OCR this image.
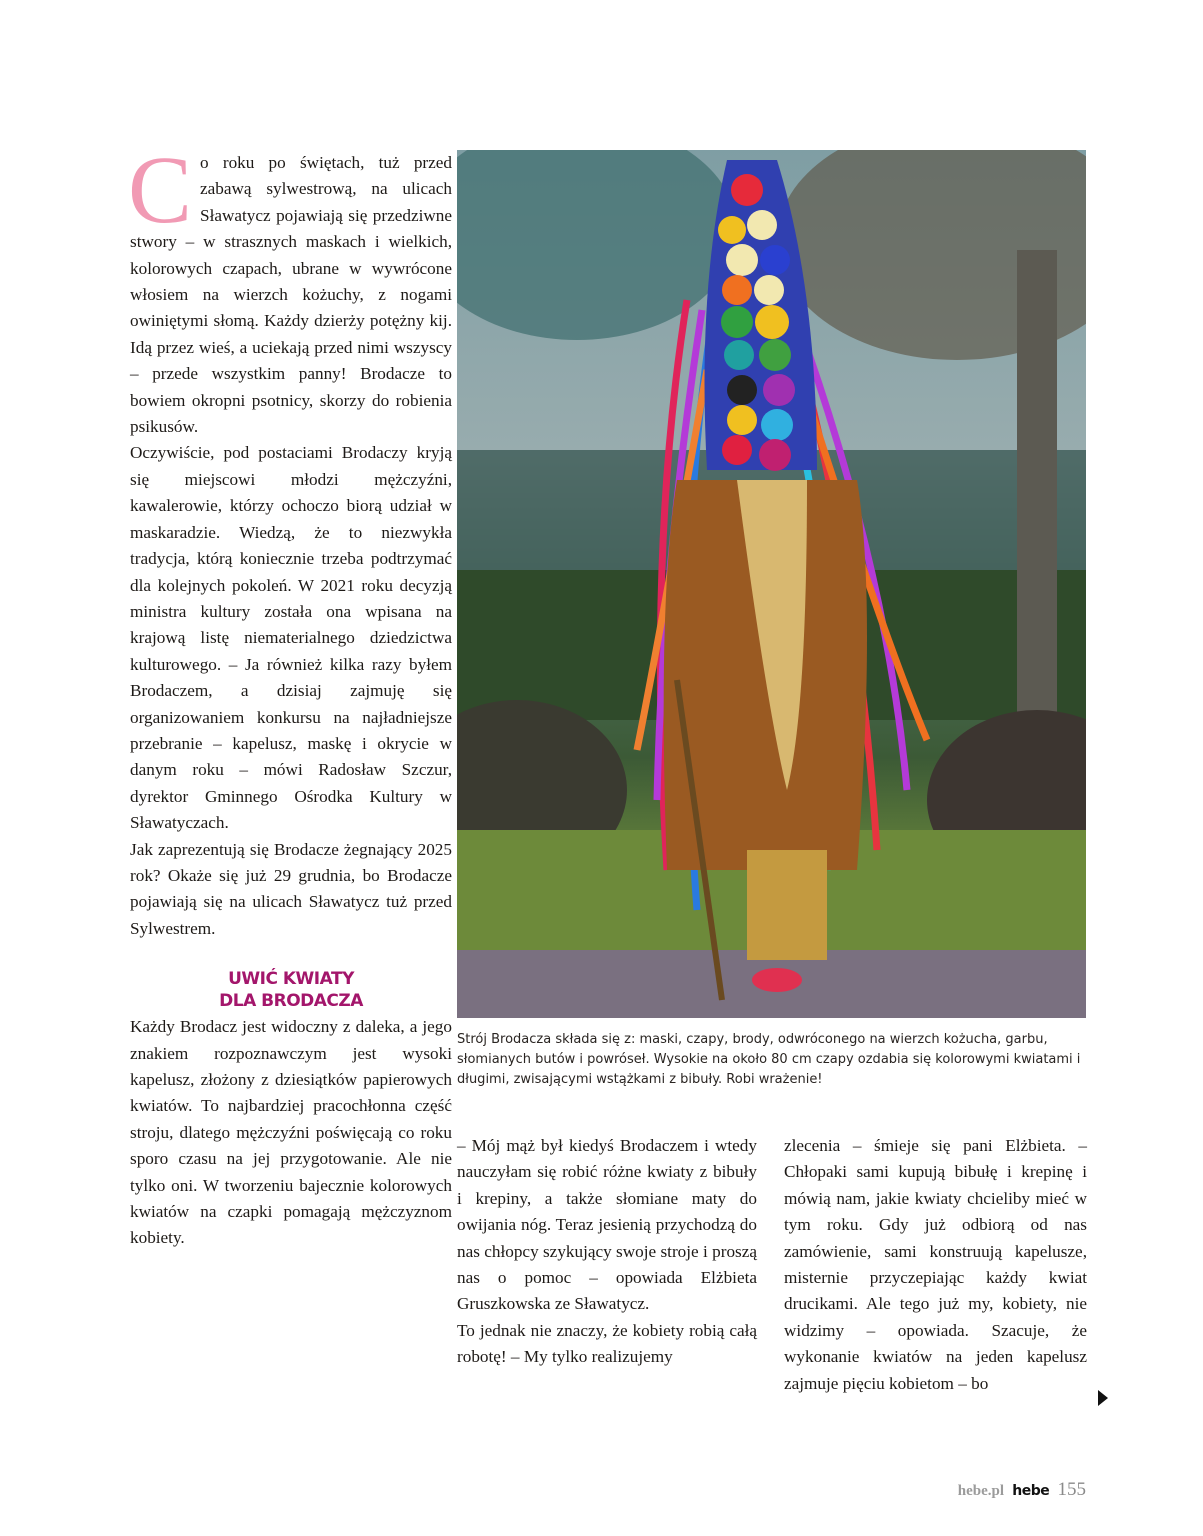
Co roku po świętach, tuż przed zabawą sylwestrową, na ulicach Sławatycz pojawiają się przedziwne stwory – w strasznych maskach i wielkich, kolorowych czapach, ubrane w wywrócone włosiem na wierzch kożuchy, z nogami owiniętymi słomą. Każdy dzierży potężny kij. Idą przez wieś, a uciekają przed nimi wszyscy – przede wszystkim panny! Brodacze to bowiem okropni psotnicy, skorzy do robienia psikusów.

Oczywiście, pod postaciami Brodaczy kryją się miejscowi młodzi mężczyźni, kawalerowie, którzy ochoczo biorą udział w maskaradzie. Wiedzą, że to niezwykła tradycja, którą koniecznie trzeba podtrzymać dla kolejnych pokoleń. W 2021 roku decyzją ministra kultury została ona wpisana na krajową listę niematerialnego dziedzictwa kulturowego. – Ja również kilka razy byłem Brodaczem, a dzisiaj zajmuję się organizowaniem konkursu na najładniejsze przebranie – kapelusz, maskę i okrycie w danym roku – mówi Radosław Szczur, dyrektor Gminnego Ośrodka Kultury w Sławatyczach.

Jak zaprezentują się Brodacze żegnający 2025 rok? Okaże się już 29 grudnia, bo Brodacze pojawiają się na ulicach Sławatycz tuż przed Sylwestrem.

UWIĆ KWIATY
DLA BRODACZA

Każdy Brodacz jest widoczny z daleka, a jego znakiem rozpoznawczym jest wysoki kapelusz, złożony z dziesiątków papierowych kwiatów. To najbardziej pracochłonna część stroju, dlatego mężczyźni poświęcają co roku sporo czasu na jej przygotowanie. Ale nie tylko oni. W tworzeniu bajecznie kolorowych kwiatów na czapki pomagają mężczyznom kobiety.

Strój Brodacza składa się z: maski, czapy, brody, odwróconego na wierzch kożucha, garbu, słomianych butów i powróseł. Wysokie na około 80 cm czapy ozdabia się kolorowymi kwiatami i długimi, zwisającymi wstążkami z bibuły. Robi wrażenie!

– Mój mąż był kiedyś Brodaczem i wtedy nauczyłam się robić różne kwiaty z bibuły i krepiny, a także słomiane maty do owijania nóg. Teraz jesienią przychodzą do nas chłopcy szykujący swoje stroje i proszą nas o pomoc – opowiada Elżbieta Gruszkowska ze Sławatycz.

To jednak nie znaczy, że kobiety robią całą robotę! – My tylko realizujemy

zlecenia – śmieje się pani Elżbieta. – Chłopaki sami kupują bibułę i krepinę i mówią nam, jakie kwiaty chcieliby mieć w tym roku. Gdy już odbiorą od nas zamówienie, sami konstruują kapelusze, misternie przyczepiając każdy kwiat drucikami. Ale tego już my, kobiety, nie widzimy – opowiada. Szacuje, że wykonanie kwiatów na jeden kapelusz zajmuje pięciu kobietom – bo

hebe.pl hebe 155
